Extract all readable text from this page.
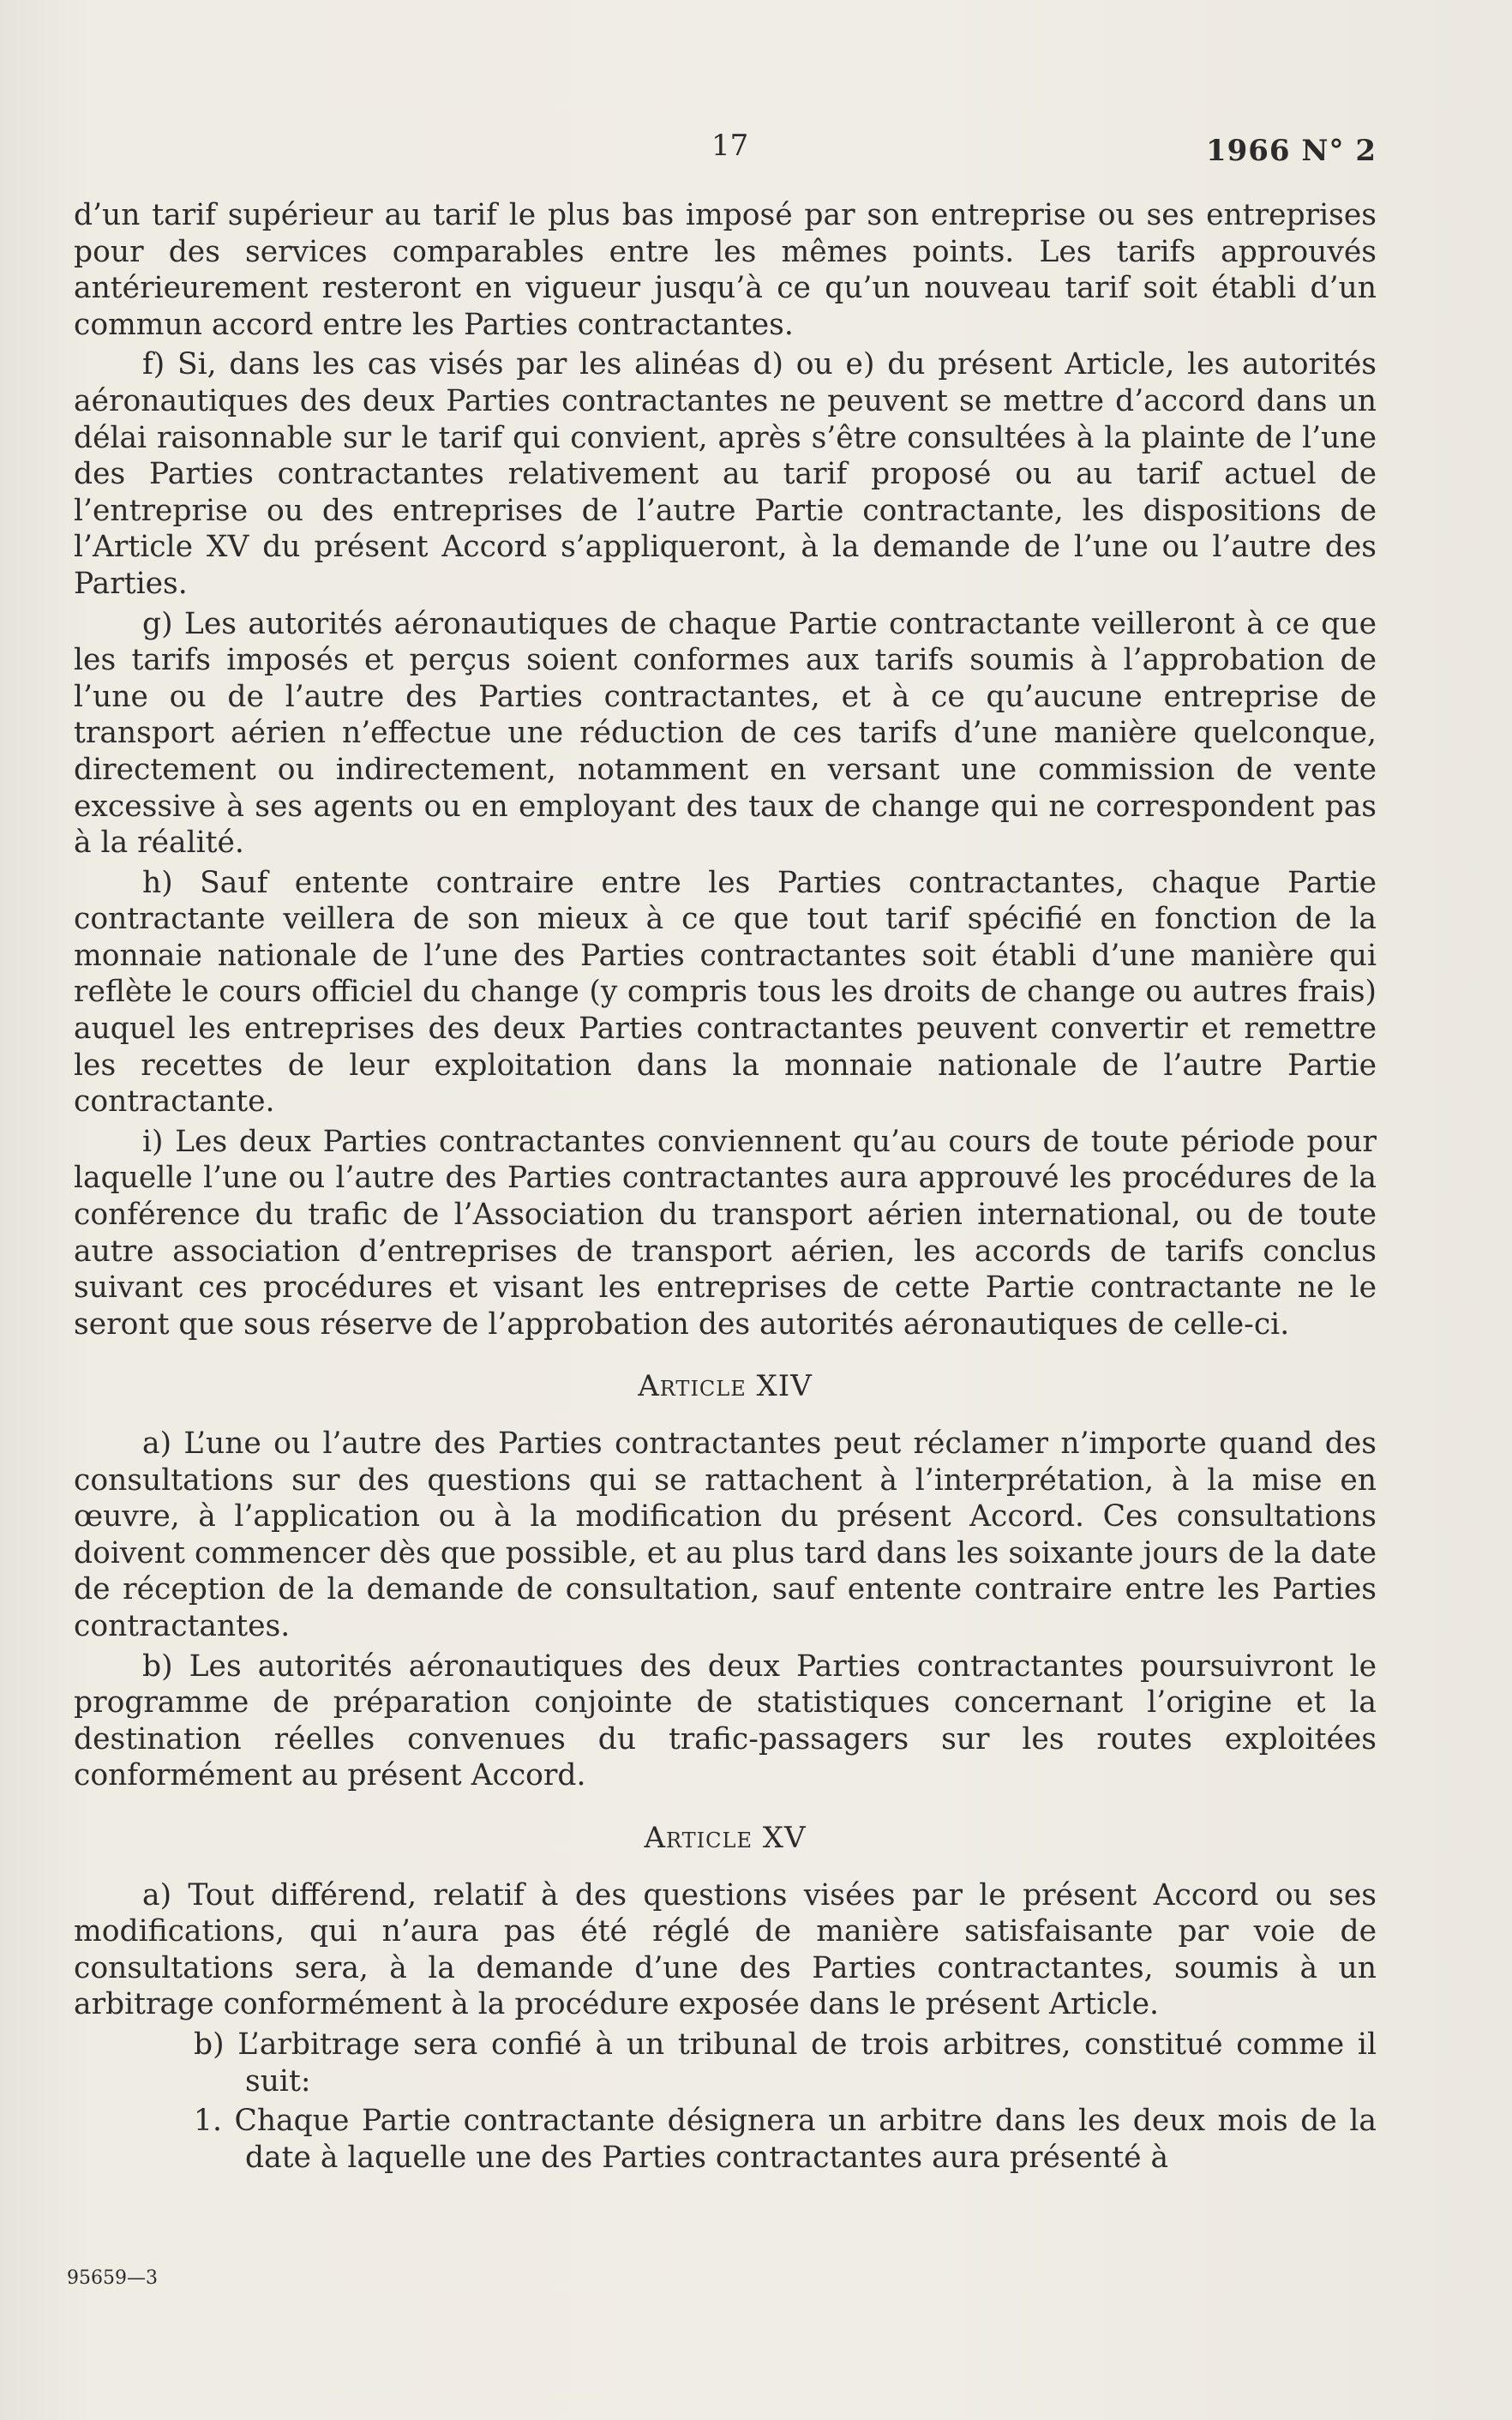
17	1966 N° 2

d’un tarif supérieur au tarif le plus bas imposé par son entreprise ou ses entreprises pour des services comparables entre les mêmes points. Les tarifs approuvés antérieurement resteront en vigueur jusqu’à ce qu’un nouveau tarif soit établi d’un commun accord entre les Parties contractantes.

f) Si, dans les cas visés par les alinéas d) ou e) du présent Article, les autorités aéronautiques des deux Parties contractantes ne peuvent se mettre d’accord dans un délai raisonnable sur le tarif qui convient, après s’être consultées à la plainte de l’une des Parties contractantes relativement au tarif proposé ou au tarif actuel de l’entreprise ou des entreprises de l’autre Partie contractante, les dispositions de l’Article XV du présent Accord s’appliqueront, à la demande de l’une ou l’autre des Parties.

g) Les autorités aéronautiques de chaque Partie contractante veilleront à ce que les tarifs imposés et perçus soient conformes aux tarifs soumis à l’approbation de l’une ou de l’autre des Parties contractantes, et à ce qu’aucune entreprise de transport aérien n’effectue une réduction de ces tarifs d’une manière quelconque, directement ou indirectement, notamment en versant une commission de vente excessive à ses agents ou en employant des taux de change qui ne correspondent pas à la réalité.

h) Sauf entente contraire entre les Parties contractantes, chaque Partie contractante veillera de son mieux à ce que tout tarif spécifié en fonction de la monnaie nationale de l’une des Parties contractantes soit établi d’une manière qui reflète le cours officiel du change (y compris tous les droits de change ou autres frais) auquel les entreprises des deux Parties contractantes peuvent convertir et remettre les recettes de leur exploitation dans la monnaie nationale de l’autre Partie contractante.

i) Les deux Parties contractantes conviennent qu’au cours de toute période pour laquelle l’une ou l’autre des Parties contractantes aura approuvé les procédures de la conférence du trafic de l’Association du transport aérien international, ou de toute autre association d’entreprises de transport aérien, les accords de tarifs conclus suivant ces procédures et visant les entreprises de cette Partie contractante ne le seront que sous réserve de l’approbation des autorités aéronautiques de celle-ci.

Article XIV

a) L’une ou l’autre des Parties contractantes peut réclamer n’importe quand des consultations sur des questions qui se rattachent à l’interprétation, à la mise en œuvre, à l’application ou à la modification du présent Accord. Ces consultations doivent commencer dès que possible, et au plus tard dans les soixante jours de la date de réception de la demande de consultation, sauf entente contraire entre les Parties contractantes.

b) Les autorités aéronautiques des deux Parties contractantes poursuivront le programme de préparation conjointe de statistiques concernant l’origine et la destination réelles convenues du trafic-passagers sur les routes exploitées conformément au présent Accord.

Article XV

a) Tout différend, relatif à des questions visées par le présent Accord ou ses modifications, qui n’aura pas été réglé de manière satisfaisante par voie de consultations sera, à la demande d’une des Parties contractantes, soumis à un arbitrage conformément à la procédure exposée dans le présent Article.

b) L’arbitrage sera confié à un tribunal de trois arbitres, constitué comme il suit:

1. Chaque Partie contractante désignera un arbitre dans les deux mois de la date à laquelle une des Parties contractantes aura présenté à

95659—3
